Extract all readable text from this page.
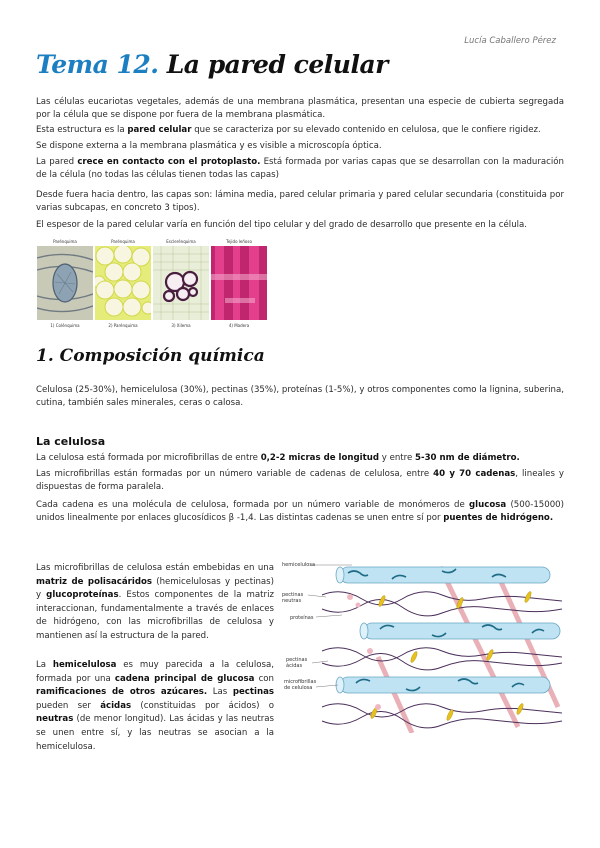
Lucía Caballero Pérez
Tema 12. La pared celular
Las células eucariotas vegetales, además de una membrana plasmática, presentan una especie de cubierta segregada por la célula que se dispone por fuera de la membrana plasmática.
Esta estructura es la pared celular que se caracteriza por su elevado contenido en celulosa, que le confiere rigidez.
Se dispone externa a la membrana plasmática y es visible a microscopía óptica.
La pared crece en contacto con el protoplasto. Está formada por varias capas que se desarrollan con la maduración de la célula (no todas las células tienen todas las capas)
Desde fuera hacia dentro, las capas son: lámina media, pared celular primaria y pared celular secundaria (constituida por varias subcapas, en concreto 3 tipos).
El espesor de la pared celular varía en función del tipo celular y del grado de desarrollo que presente en la célula.
Parénquima	Parénquima	Esclerénquima	Tejido leñoso
1) Colénquima	2) Parénquima	3) Xilema	4) Madera
1. Composición química
Celulosa (25-30%), hemicelulosa (30%), pectinas (35%), proteínas (1-5%), y otros componentes como la lignina, suberina, cutina, también sales minerales, ceras o calosa.
La celulosa
La celulosa está formada por microfibrillas de entre 0,2-2 micras de longitud y entre 5-30 nm de diámetro.
Las microfibrillas están formadas por un número variable de cadenas de celulosa, entre 40 y 70 cadenas, lineales y dispuestas de forma paralela.
Cada cadena es una molécula de celulosa, formada por un número variable de monómeros de glucosa (500-15000) unidos linealmente por enlaces glucosídicos β -1,4. Las distintas cadenas se unen entre sí por puentes de hidrógeno.
Las microfibrillas de celulosa están embebidas en una matriz de polisacáridos (hemicelulosas y pectinas) y glucoproteínas. Estos componentes de la matriz interaccionan, fundamentalmente a través de enlaces de hidrógeno, con las microfibrillas de celulosa y mantienen así la estructura de la pared.
La hemicelulosa es muy parecida a la celulosa, formada por una cadena principal de glucosa con ramificaciones de otros azúcares. Las pectinas pueden ser ácidas (constituidas por ácidos) o neutras (de menor longitud). Las ácidas y las neutras se unen entre sí, y las neutras se asocian a la hemicelulosa.
hemicelulosa
pectinas neutras
proteínas
pectinas ácidas
microfibrillas de celulosa
